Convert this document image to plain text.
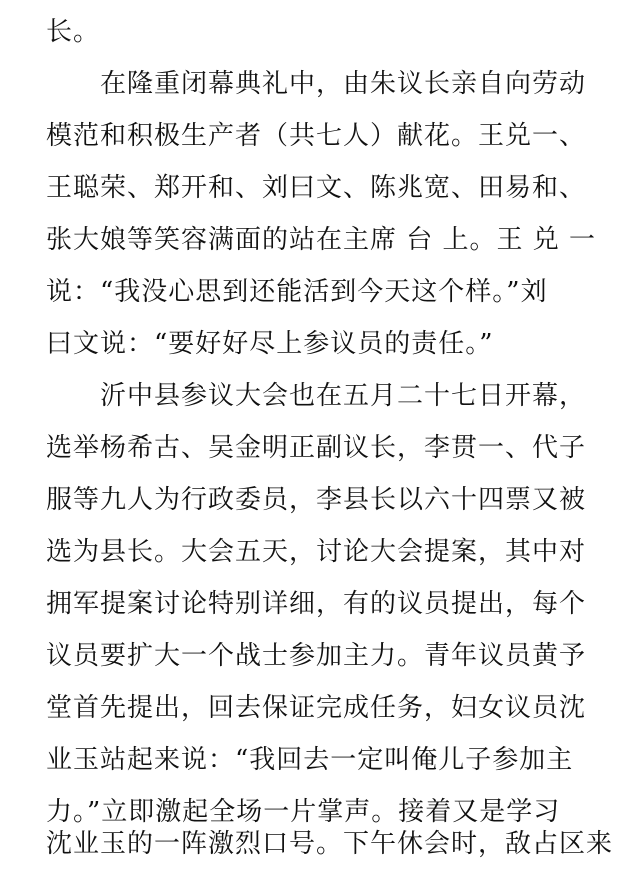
长。
在隆重闭幕典礼中，由朱议长亲自向劳动
模范和积极生产者（共七人）献花。王兑一、
王聪荣、郑开和、刘曰文、陈兆宽、田易和、
张大娘等笑容满面的站在主席 台 上。王 兑 一
说：“我没心思到还能活到今天这个样。”刘
曰文说：“要好好尽上参议员的责任。”
沂中县参议大会也在五月二十七日开幕，
选举杨希古、吴金明正副议长，李贯一、代子
服等九人为行政委员，李县长以六十四票又被
选为县长。大会五天，讨论大会提案，其中对
拥军提案讨论特别详细，有的议员提出，每个
议员要扩大一个战士参加主力。青年议员黄予
堂首先提出，回去保证完成任务，妇女议员沈
业玉站起来说：“我回去一定叫俺儿子参加主
力。”立即激起全场一片掌声。接着又是学习
沈业玉的一阵激烈口号。下午休会时，敌占区来
